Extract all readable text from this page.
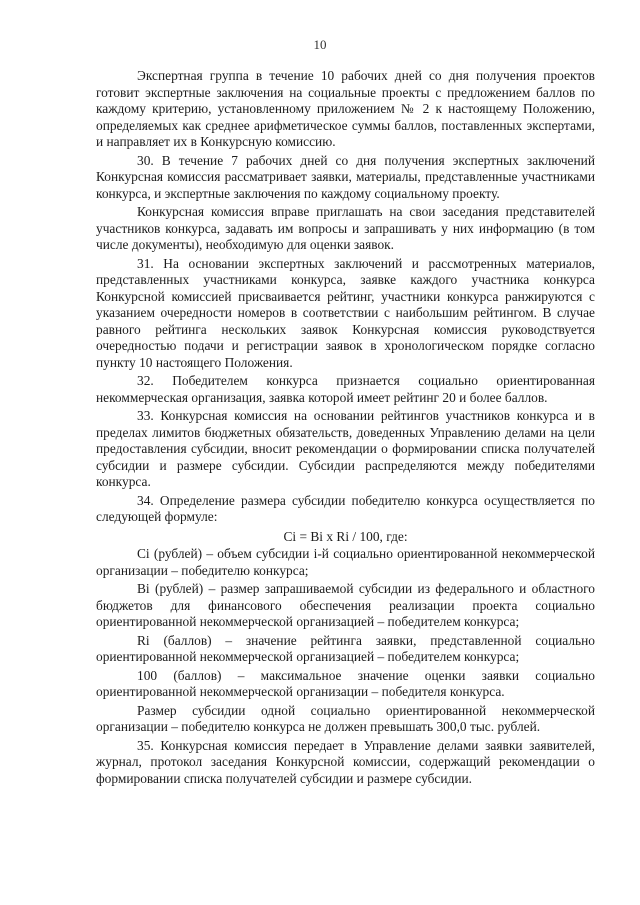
10

Экспертная группа в течение 10 рабочих дней со дня получения проектов готовит экспертные заключения на социальные проекты с предложением баллов по каждому критерию, установленному приложением № 2 к настоящему Положению, определяемых как среднее арифметическое суммы баллов, поставленных экспертами, и направляет их в Конкурсную комиссию.

30. В течение 7 рабочих дней со дня получения экспертных заключений Конкурсная комиссия рассматривает заявки, материалы, представленные участниками конкурса, и экспертные заключения по каждому социальному проекту.

Конкурсная комиссия вправе приглашать на свои заседания представителей участников конкурса, задавать им вопросы и запрашивать у них информацию (в том числе документы), необходимую для оценки заявок.

31. На основании экспертных заключений и рассмотренных материалов, представленных участниками конкурса, заявке каждого участника конкурса Конкурсной комиссией присваивается рейтинг, участники конкурса ранжируются с указанием очередности номеров в соответствии с наибольшим рейтингом. В случае равного рейтинга нескольких заявок Конкурсная комиссия руководствуется очередностью подачи и регистрации заявок в хронологическом порядке согласно пункту 10 настоящего Положения.

32. Победителем конкурса признается социально ориентированная некоммерческая организация, заявка которой имеет рейтинг 20 и более баллов.

33. Конкурсная комиссия на основании рейтингов участников конкурса и в пределах лимитов бюджетных обязательств, доведенных Управлению делами на цели предоставления субсидии, вносит рекомендации о формировании списка получателей субсидии и размере субсидии. Субсидии распределяются между победителями конкурса.

34. Определение размера субсидии победителю конкурса осуществляется по следующей формуле:

Ci = Bi x Ri / 100, где:

Ci (рублей) – объем субсидии i-й социально ориентированной некоммерческой организации – победителю конкурса;

Bi (рублей) – размер запрашиваемой субсидии из федерального и областного бюджетов для финансового обеспечения реализации проекта социально ориентированной некоммерческой организацией – победителем конкурса;

Ri (баллов) – значение рейтинга заявки, представленной социально ориентированной некоммерческой организацией – победителем конкурса;

100 (баллов) – максимальное значение оценки заявки социально ориентированной некоммерческой организации – победителя конкурса.

Размер субсидии одной социально ориентированной некоммерческой организации – победителю конкурса не должен превышать 300,0 тыс. рублей.

35. Конкурсная комиссия передает в Управление делами заявки заявителей, журнал, протокол заседания Конкурсной комиссии, содержащий рекомендации о формировании списка получателей субсидии и размере субсидии.
